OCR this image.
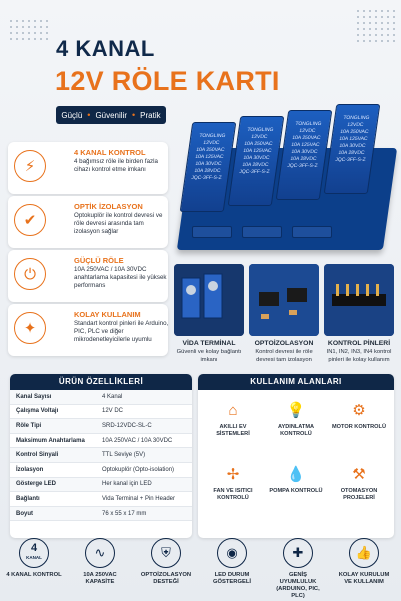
4 KANAL
12V RÖLE KARTI
Güçlü • Güvenilir • Pratik
⚡
4 KANAL KONTROL
4 bağımsız röle ile birden fazla cihazı kontrol etme imkanı
✔
OPTİK İZOLASYON
Optokuplör ile kontrol devresi ve röle devresi arasında tam izolasyon sağlar
⏻
GÜÇLÜ RÖLE
10A 250VAC / 10A 30VDC anahtarlama kapasitesi ile yüksek performans
✦
KOLAY KULLANIM
Standart kontrol pinleri ile Arduino, PIC, PLC ve diğer mikrodenetleyicilerle uyumlu
TONGLING
12VDC
10A 250VAC
10A 125VAC
10A 30VDC
10A 28VDC
JQC-3FF-S-Z
TONGLING
12VDC
10A 250VAC
10A 125VAC
10A 30VDC
10A 28VDC
JQC-3FF-S-Z
TONGLING
12VDC
10A 250VAC
10A 125VAC
10A 30VDC
10A 28VDC
JQC-3FF-S-Z
TONGLING
12VDC
10A 250VAC
10A 125VAC
10A 30VDC
10A 28VDC
JQC-3FF-S-Z
VİDA TERMİNAL
Güvenli ve kolay bağlantı imkanı
OPTOİZOLASYON
Kontrol devresi ile röle devresi tam izolasyon
KONTROL PİNLERİ
IN1, IN2, IN3, IN4 kontrol pinleri ile kolay kullanım
ÜRÜN ÖZELLİKLERİ
Kanal Sayısı	4 Kanal
Çalışma Voltajı	12V DC
Röle Tipi	SRD-12VDC-SL-C
Maksimum Anahtarlama	10A 250VAC / 10A 30VDC
Kontrol Sinyali	TTL Seviye (5V)
İzolasyon	Optokuplör (Opto-isolation)
Gösterge LED	Her kanal için LED
Bağlantı	Vida Terminal + Pin Header
Boyut	76 x 55 x 17 mm
KULLANIM ALANLARI
⌂
AKILLI EV SİSTEMLERİ
💡
AYDINLATMA KONTROLÜ
⚙
MOTOR KONTROLÜ
✢
FAN VE ISITICI KONTROLÜ
💧
POMPA KONTROLÜ
⚒
OTOMASYON PROJELERİ
4
KANAL
4 KANAL KONTROL
∿
10A 250VAC KAPASİTE
⛨
OPTOİZOLASYON DESTEĞİ
◉
LED DURUM GÖSTERGELİ
✚
GENİŞ UYUMLULUK (ARDUINO, PIC, PLC)
👍
KOLAY KURULUM VE KULLANIM
